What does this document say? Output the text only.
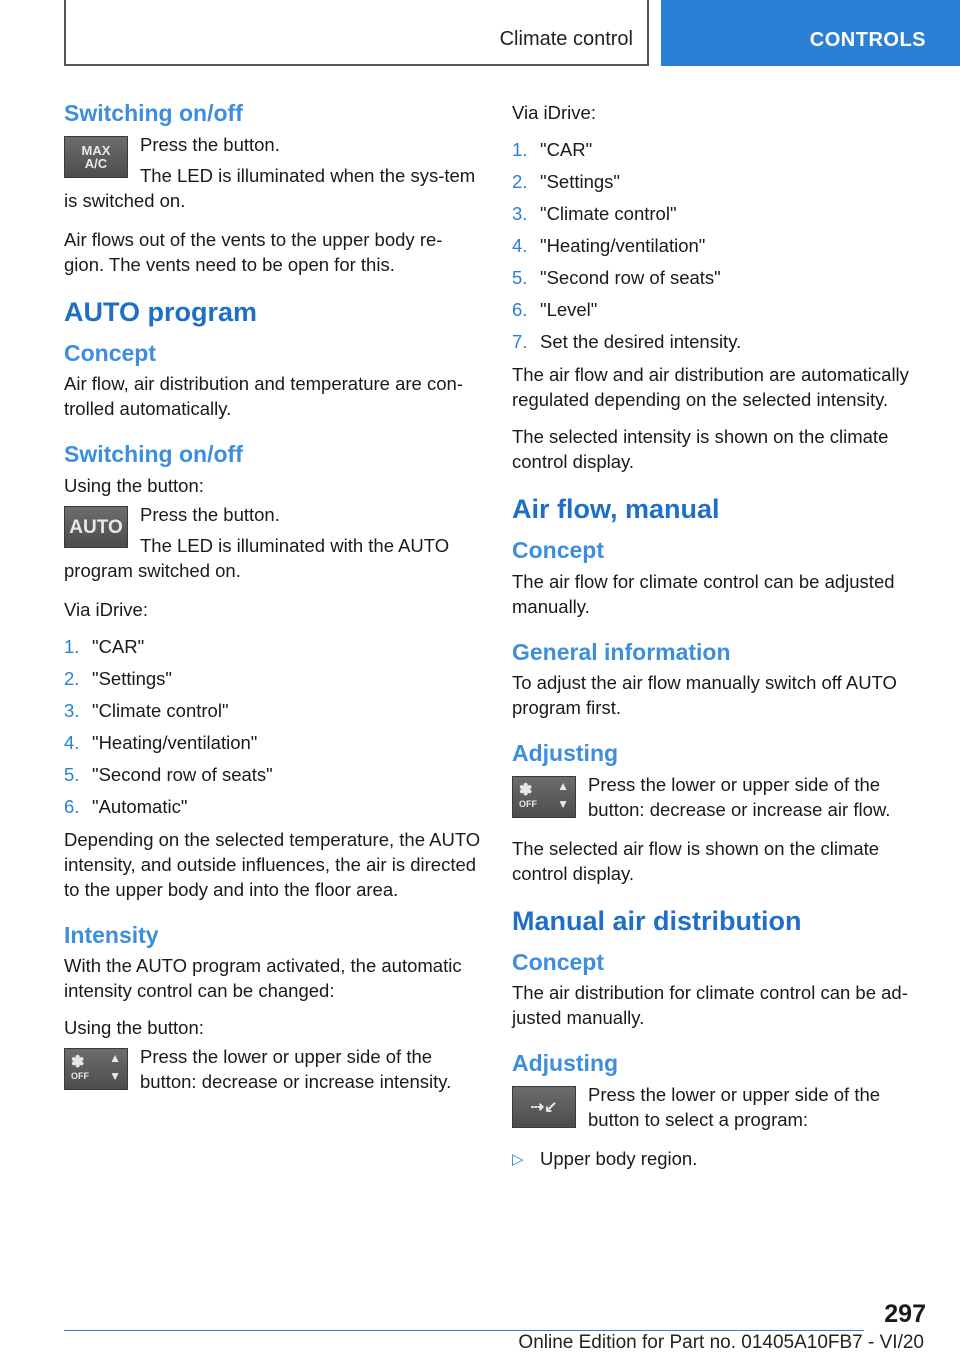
Climate control	CONTROLS
Switching on/off
MAX
A/C

Press the button.

The LED is illuminated when the sys-tem is switched on.

Air flows out of the vents to the upper body re-gion. The vents need to be open for this.

AUTO program
Concept

Air flow, air distribution and temperature are con-trolled automatically.

Switching on/off

Using the button:

AUTO

Press the button.

The LED is illuminated with the AUTO program switched on.

Via iDrive:

1. "CAR"
2. "Settings"
3. "Climate control"
4. "Heating/ventilation"
5. "Second row of seats"
6. "Automatic"

Depending on the selected temperature, the AUTO intensity, and outside influences, the air is directed to the upper body and into the floor area.

Intensity

With the AUTO program activated, the automatic intensity control can be changed:

Using the button:

✽
OFF
▲
▼

Press the lower or upper side of the button: decrease or increase intensity.

Via iDrive:

1. "CAR"
2. "Settings"
3. "Climate control"
4. "Heating/ventilation"
5. "Second row of seats"
6. "Level"
7. Set the desired intensity.

The air flow and air distribution are automatically regulated depending on the selected intensity.

The selected intensity is shown on the climate control display.

Air flow, manual
Concept

The air flow for climate control can be adjusted manually.

General information

To adjust the air flow manually switch off AUTO program first.

Adjusting
✽
OFF
▲
▼

Press the lower or upper side of the button: decrease or increase air flow.

The selected air flow is shown on the climate control display.

Manual air distribution
Concept

The air distribution for climate control can be ad-justed manually.

Adjusting
⇢↙

Press the lower or upper side of the button to select a program:

▷ Upper body region.
297
Online Edition for Part no. 01405A10FB7 - VI/20
